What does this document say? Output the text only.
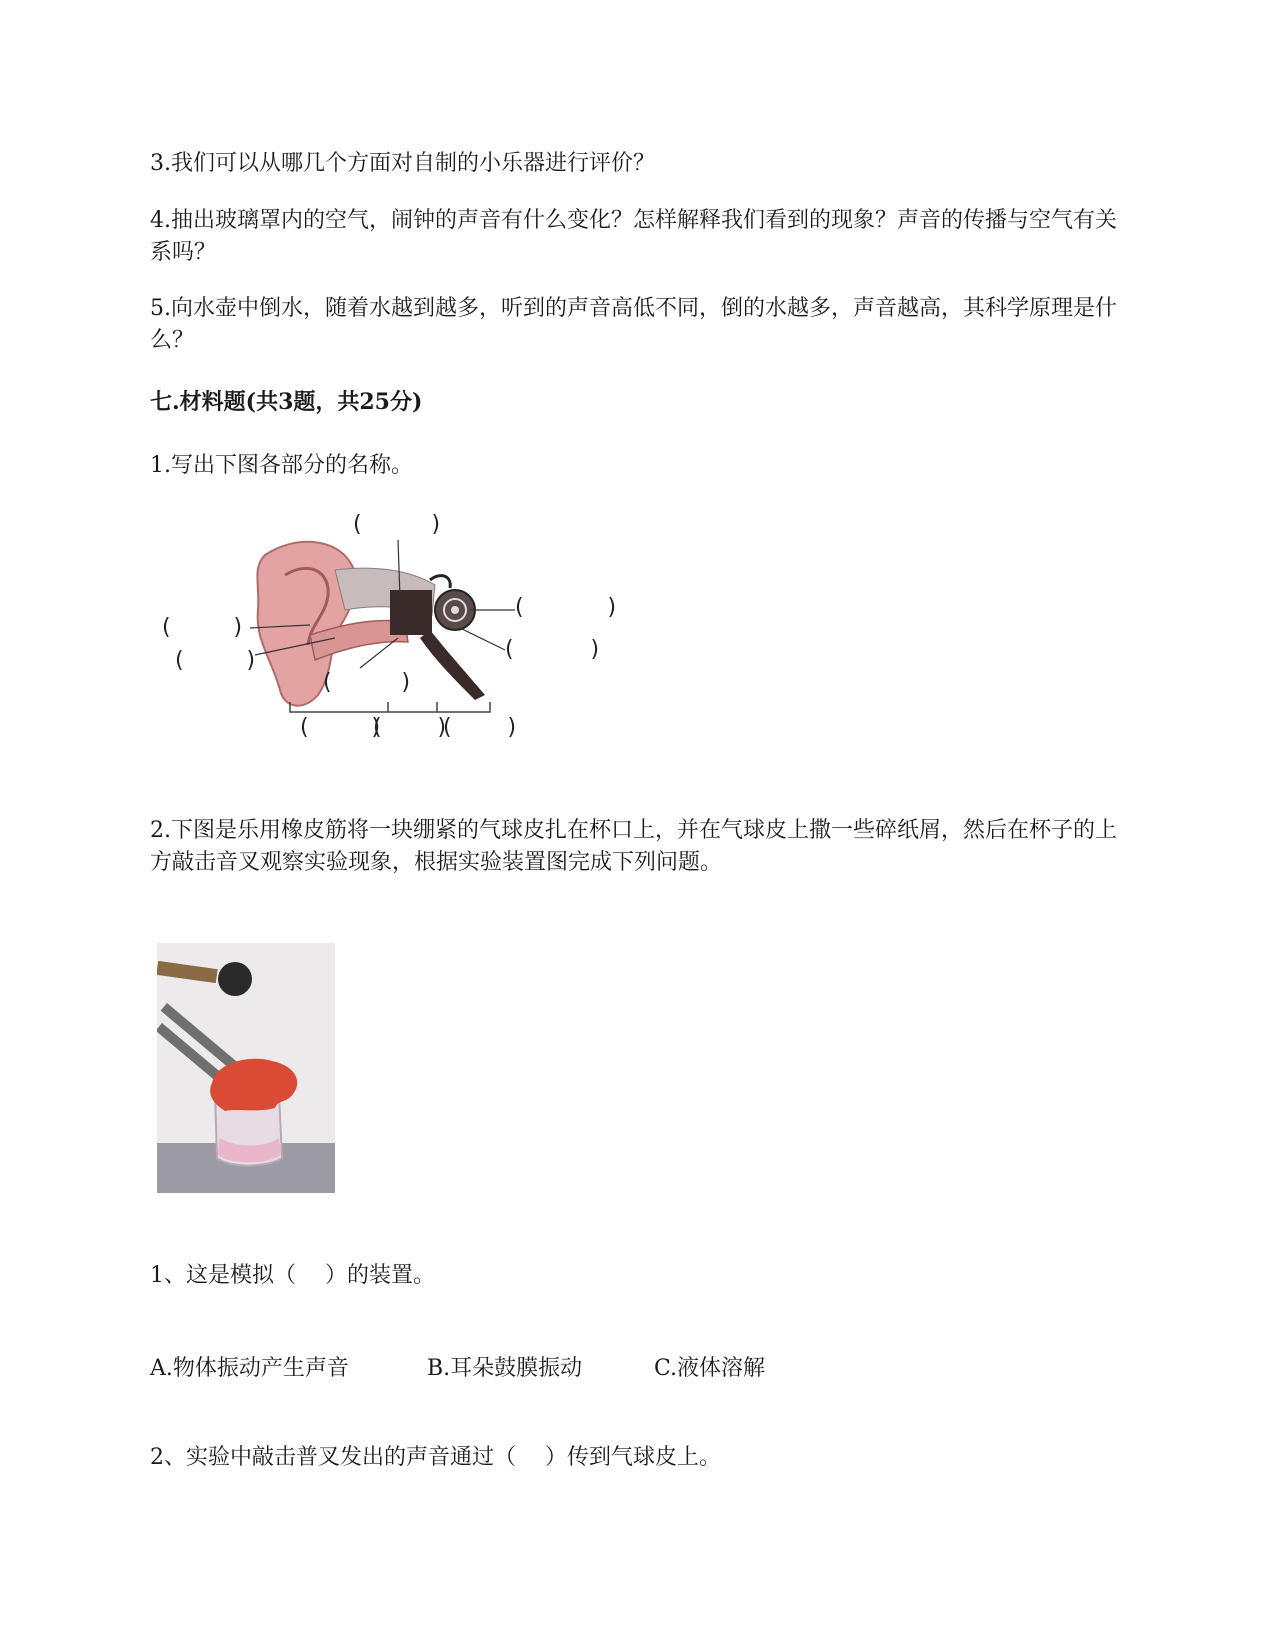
3.我们可以从哪几个方面对自制的小乐器进行评价？

4.抽出玻璃罩内的空气，闹钟的声音有什么变化？怎样解释我们看到的现象？声音的传播与空气有关系吗？

5.向水壶中倒水，随着水越到越多，听到的声音高低不同，倒的水越多，声音越高，其科学原理是什么？

七.材料题(共3题，共25分)

1.写出下图各部分的名称。

(          )
(            )
(           )
(         )
(         )
(          )
(         )
(        )
(        )

2.下图是乐用橡皮筋将一块绷紧的气球皮扎在杯口上，并在气球皮上撒一些碎纸屑，然后在杯子的上方敲击音叉观察实验现象，根据实验装置图完成下列问题。

1、这是模拟（　 ）的装置。

A.物体振动产生声音	B.耳朵鼓膜振动	C.液体溶解

2、实验中敲击普叉发出的声音通过（　 ）传到气球皮上。
